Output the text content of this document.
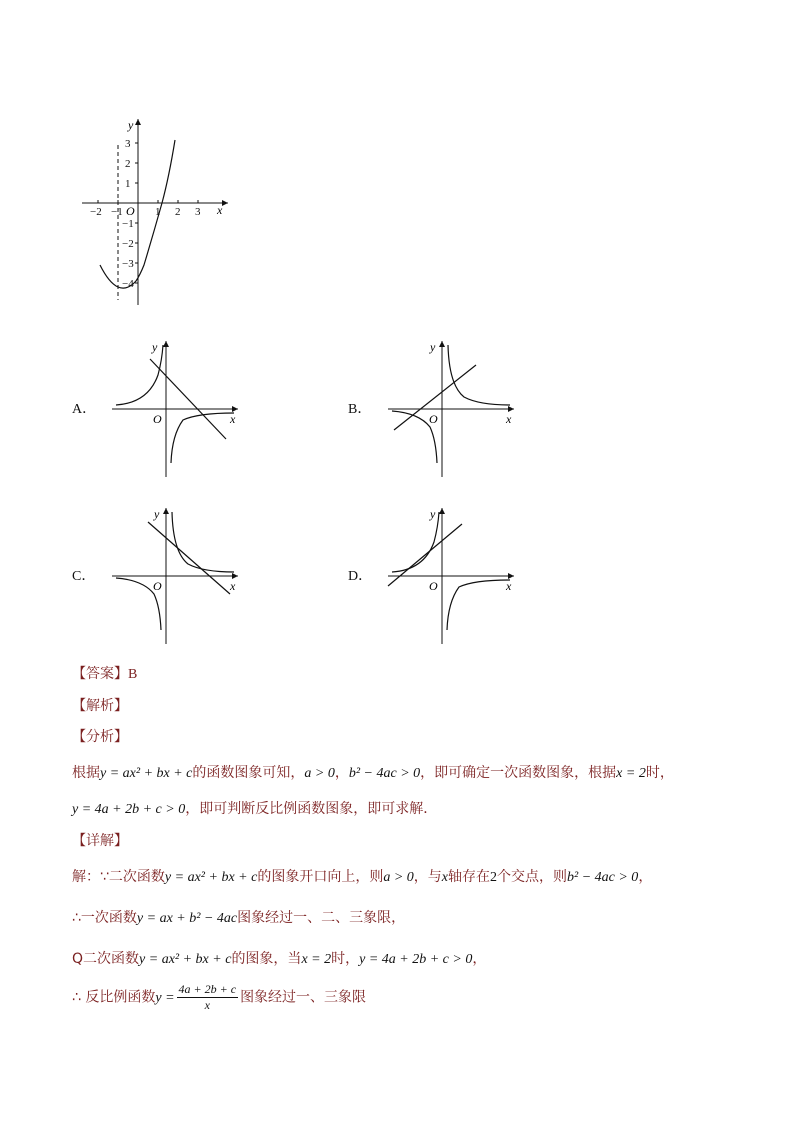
y
x
O
3
2
1
−1
−2
−3
−4
−2 −1	1 2 3
A．
y
x
O
B．
y
x
O
C．
y
x
O
D．
y
x
O
【答案】B
【解析】
【分析】
根据y = ax² + bx + c的函数图象可知，a > 0，b² − 4ac > 0，即可确定一次函数图象，根据x = 2时，
y = 4a + 2b + c > 0，即可判断反比例函数图象，即可求解．
【详解】
解：∵二次函数y = ax² + bx + c的图象开口向上，则a > 0，与x轴存在2个交点，则b² − 4ac > 0，
∴一次函数y = ax + b² − 4ac图象经过一、二、三象限，
Q二次函数y = ax² + bx + c的图象，当x = 2时，y = 4a + 2b + c > 0，
∴ 反比例函数$y = \frac{4a + 2b + c}{x}$ 图象经过一、三象限
